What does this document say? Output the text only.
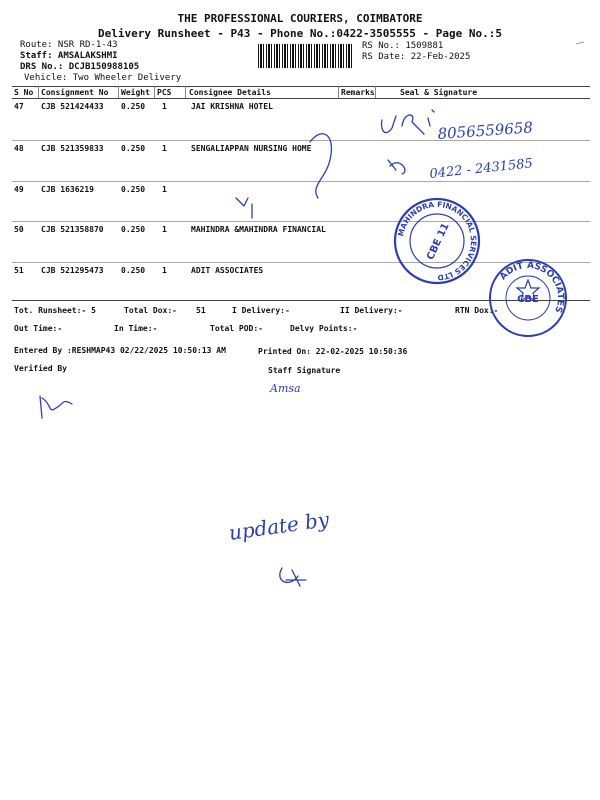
THE PROFESSIONAL COURIERS, COIMBATORE
Delivery Runsheet - P43 - Phone No.:0422-3505555 - Page No.:5
Route: NSR RD-1-43
Staff: AMSALAKSHMI
DRS No.: DCJB150988105
Vehicle: Two Wheeler Delivery
RS No.: 1509881
RS Date: 22-Feb-2025
S No Consignment No Weight PCS Consignee Details	Remarks	Seal & Signature
47 CJB 521424433 0.250 1	JAI KRISHNA HOTEL
48 CJB 521359833 0.250 1	SENGALIAPPAN NURSING HOME
49 CJB 1636219	0.250 1
50 CJB 521358870 0.250 1	MAHINDRA &MAHINDRA FINANCIAL
51 CJB 521295473 0.250 1	ADIT ASSOCIATES
Tot. Runsheet:- 5	Total Dox:- 51	I Delivery:-	II Delivery:-	RTN Dox:-
Out Time:-	In Time:-	Total POD:-	Delvy Points:-
Entered By :RESHMAP43 02/22/2025 10:50:13 AM	Printed On: 22-02-2025 10:50:36
Verified By	Staff Signature
8056559658
0422 - 2431585
MAHINDRA FINANCIAL SERVICES LTD
CBE 11
ADIT ASSOCIATES
CBE
Amsa
update by
